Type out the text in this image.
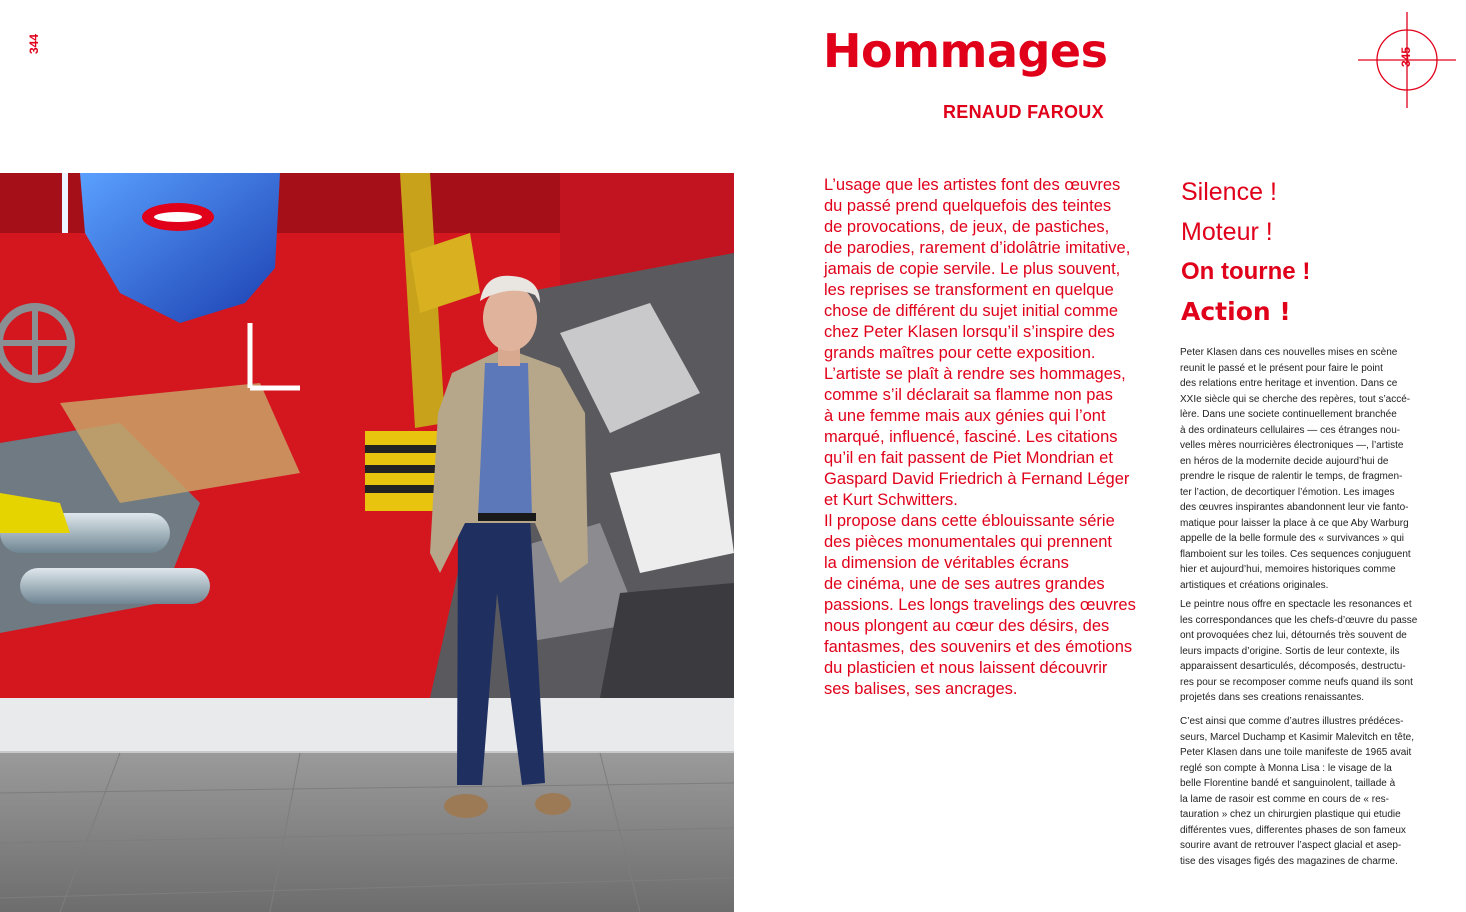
344
345
Hommages
RENAUD FAROUX
L’usage que les artistes font des œuvres
du passé prend quelquefois des teintes
de provocations, de jeux, de pastiches,
de parodies, rarement d’idolâtrie imitative,
jamais de copie servile. Le plus souvent,
les reprises se transforment en quelque
chose de différent du sujet initial comme
chez Peter Klasen lorsqu’il s’inspire des
grands maîtres pour cette exposition.
L’artiste se plaît à rendre ses hommages,
comme s’il déclarait sa flamme non pas
à une femme mais aux génies qui l’ont
marqué, influencé, fasciné. Les citations
qu’il en fait passent de Piet Mondrian et
Gaspard David Friedrich à Fernand Léger
et Kurt Schwitters.
Il propose dans cette éblouissante série
des pièces monumentales qui prennent
la dimension de véritables écrans
de cinéma, une de ses autres grandes
passions. Les longs travelings des œuvres
nous plongent au cœur des désirs, des
fantasmes, des souvenirs et des émotions
du plasticien et nous laissent découvrir
ses balises, ses ancrages.
Silence !
Moteur !
On tourne !
Action !
Peter Klasen dans ces nouvelles mises en scène
reunit le passé et le présent pour faire le point
des relations entre heritage et invention. Dans ce
XXIe siècle qui se cherche des repères, tout s’accé-
lère. Dans une societe continuellement branchée
à des ordinateurs cellulaires — ces étranges nou-
velles mères nourricières électroniques —, l’artiste
en héros de la modernite decide aujourd’hui de
prendre le risque de ralentir le temps, de fragmen-
ter l’action, de decortiquer l’émotion. Les images
des œuvres inspirantes abandonnent leur vie fanto-
matique pour laisser la place à ce que Aby Warburg
appelle de la belle formule des « survivances » qui
flamboient sur les toiles. Ces sequences conjuguent
hier et aujourd’hui, memoires historiques comme
artistiques et créations originales.
Le peintre nous offre en spectacle les resonances et
les correspondances que les chefs-d’œuvre du passe
ont provoquées chez lui, détournés très souvent de
leurs impacts d’origine. Sortis de leur contexte, ils
apparaissent desarticulés, décomposés, destructu-
res pour se recomposer comme neufs quand ils sont
projetés dans ses creations renaissantes.
C’est ainsi que comme d’autres illustres prédéces-
seurs, Marcel Duchamp et Kasimir Malevitch en tête,
Peter Klasen dans une toile manifeste de 1965 avait
reglé son compte à Monna Lisa : le visage de la
belle Florentine bandé et sanguinolent, taillade à
la lame de rasoir est comme en cours de « res-
tauration » chez un chirurgien plastique qui etudie
différentes vues, differentes phases de son fameux
sourire avant de retrouver l’aspect glacial et asep-
tise des visages figés des magazines de charme.
